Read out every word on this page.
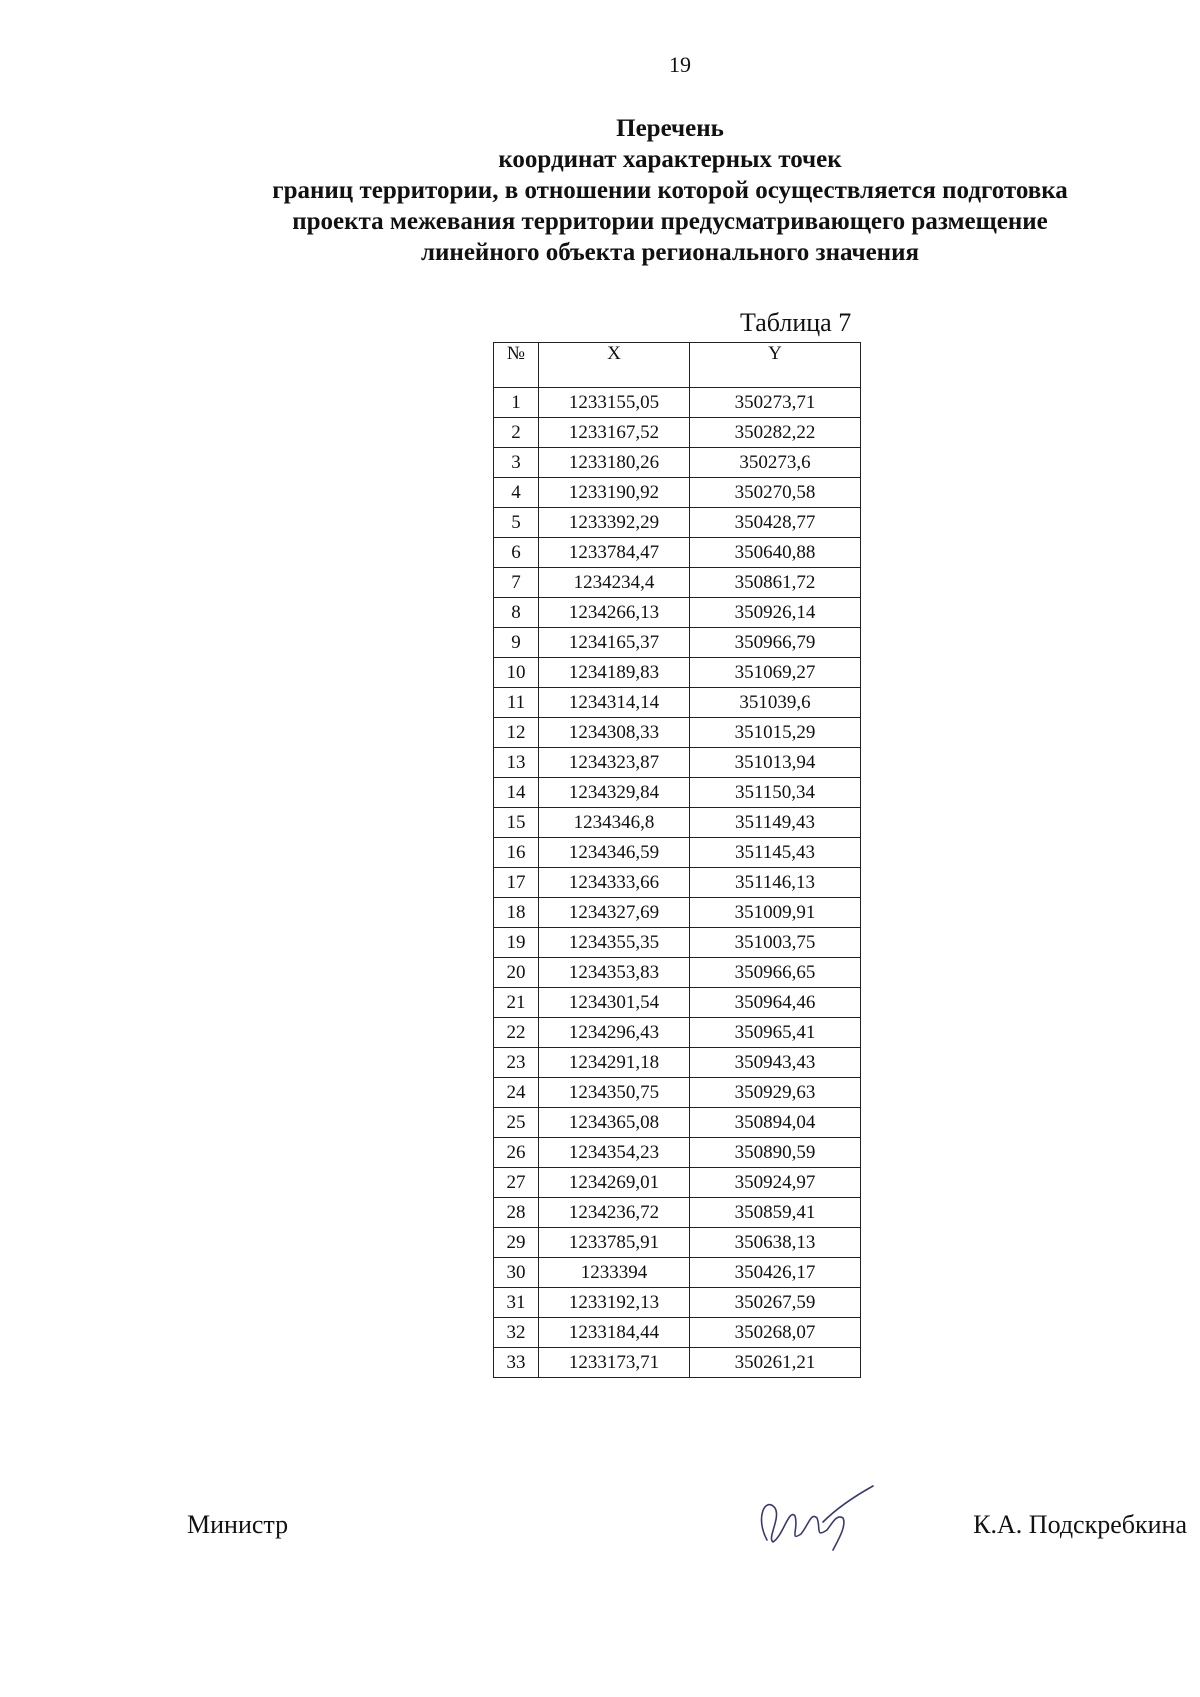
19
Перечень
координат характерных точек
границ территории, в отношении которой осуществляется подготовка
проекта межевания территории предусматривающего размещение
линейного объекта регионального значения
Таблица 7
№	X	Y
1	1233155,05	350273,71
2	1233167,52	350282,22
3	1233180,26	350273,6
4	1233190,92	350270,58
5	1233392,29	350428,77
6	1233784,47	350640,88
7	1234234,4	350861,72
8	1234266,13	350926,14
9	1234165,37	350966,79
10	1234189,83	351069,27
11	1234314,14	351039,6
12	1234308,33	351015,29
13	1234323,87	351013,94
14	1234329,84	351150,34
15	1234346,8	351149,43
16	1234346,59	351145,43
17	1234333,66	351146,13
18	1234327,69	351009,91
19	1234355,35	351003,75
20	1234353,83	350966,65
21	1234301,54	350964,46
22	1234296,43	350965,41
23	1234291,18	350943,43
24	1234350,75	350929,63
25	1234365,08	350894,04
26	1234354,23	350890,59
27	1234269,01	350924,97
28	1234236,72	350859,41
29	1233785,91	350638,13
30	1233394	350426,17
31	1233192,13	350267,59
32	1233184,44	350268,07
33	1233173,71	350261,21
Министр	К.А. Подскребкина
